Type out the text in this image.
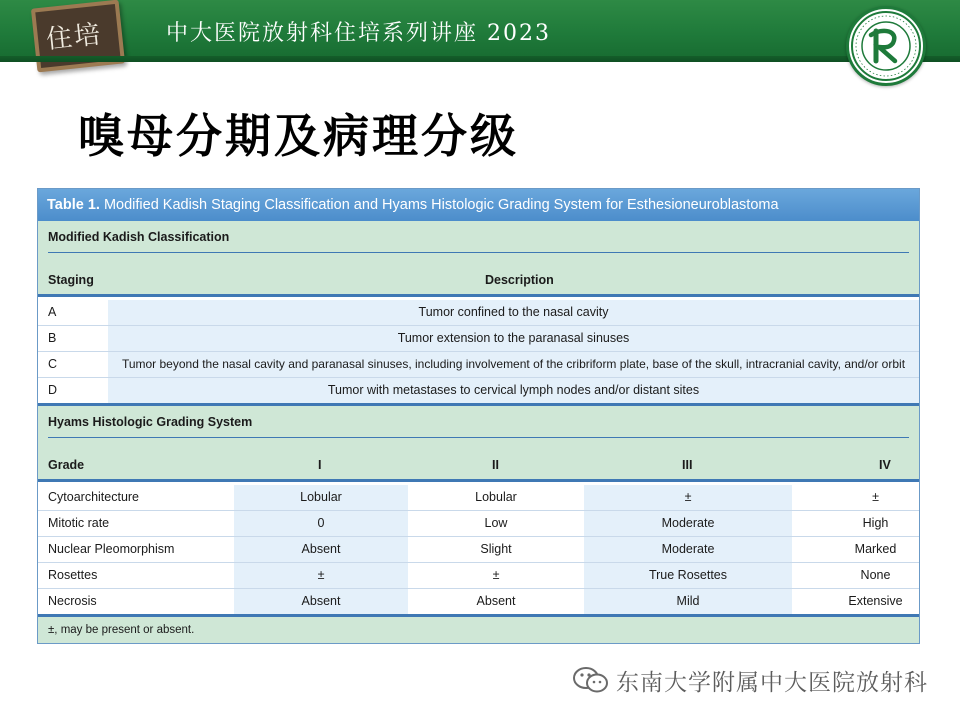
住培	中大医院放射科住培系列讲座 2023
嗅母分期及病理分级
Table 1. Modified Kadish Staging Classification and Hyams Histologic Grading System for Esthesioneuroblastoma
Modified Kadish Classification
Staging	Description
A	Tumor confined to the nasal cavity
B	Tumor extension to the paranasal sinuses
C	Tumor beyond the nasal cavity and paranasal sinuses, including involvement of the cribriform plate, base of the skull, intracranial cavity, and/or orbit
D	Tumor with metastases to cervical lymph nodes and/or distant sites
Hyams Histologic Grading System
Grade	I	II	III	IV
Cytoarchitecture	Lobular	Lobular	±	±
Mitotic rate	0	Low	Moderate	High
Nuclear Pleomorphism	Absent	Slight	Moderate	Marked
Rosettes	±	±	True Rosettes	None
Necrosis	Absent	Absent	Mild	Extensive
±, may be present or absent.
东南大学附属中大医院放射科
